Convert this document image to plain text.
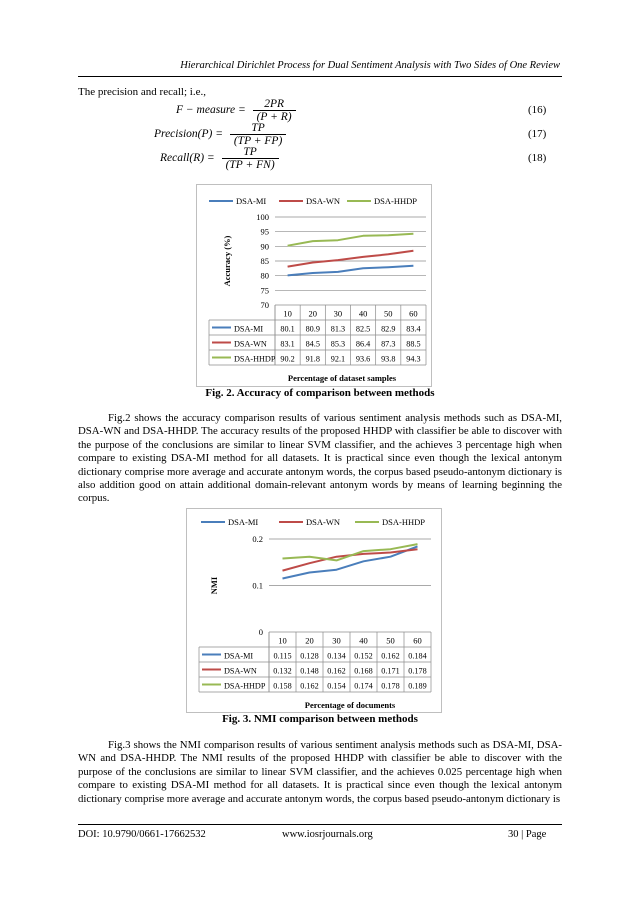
Hierarchical Dirichlet Process for Dual Sentiment Analysis with Two Sides of One Review
The precision and recall; i.e.,
F − measure = $\frac{2PR}{(P + R)}$	(16)
Precision(P) = $\frac{TP}{(TP + FP)}$	(17)
Recall(R) = $\frac{TP}{(TP + FN)}$	(18)
DSA-MI	DSA-WN	DSA-HHDP
70
75
80
85
90
95
100
Accuracy (%)
10 20 30 40 50 60
DSA-MI 80.1 80.9 81.3 82.5 82.9 83.4
DSA-WN 83.1 84.5 85.3 86.4 87.3 88.5
DSA-HHDP 90.2 91.8 92.1 93.6 93.8 94.3
Percentage of dataset samples
Fig. 2. Accuracy of comparison between methods

Fig.2 shows the accuracy comparison results of various sentiment analysis methods such as DSA-MI, DSA-WN and DSA-HHDP. The accuracy results of the proposed HHDP with classifier be able to discover with the purpose of the conclusions are similar to linear SVM classifier, and the achieves 3 percentage high when compare to existing DSA-MI method for all datasets. It is practical since even though the lexical antonym dictionary comprise more average and accurate antonym words, the corpus based pseudo-antonym dictionary is also addition good on attain additional domain-relevant antonym words by means of learning beginning the corpus.

DSA-MI	DSA-WN	DSA-HHDP
0
0.1
0.2
NMI
10 20 30 40 50 60
DSA-MI 0.115 0.128 0.134 0.152 0.162 0.184
DSA-WN 0.132 0.148 0.162 0.168 0.171 0.178
DSA-HHDP 0.158 0.162 0.154 0.174 0.178 0.189
Percentage of documents
Fig. 3. NMI comparison between methods

Fig.3 shows the NMI comparison results of various sentiment analysis methods such as DSA-MI, DSA-WN and DSA-HHDP. The NMI results of the proposed HHDP with classifier be able to discover with the purpose of the conclusions are similar to linear SVM classifier, and the achieves 0.025 percentage high when compare to existing DSA-MI method for all datasets. It is practical since even though the lexical antonym dictionary comprise more average and accurate antonym words, the corpus based pseudo-antonym dictionary is

DOI: 10.9790/0661-17662532	www.iosrjournals.org	30 | Page
